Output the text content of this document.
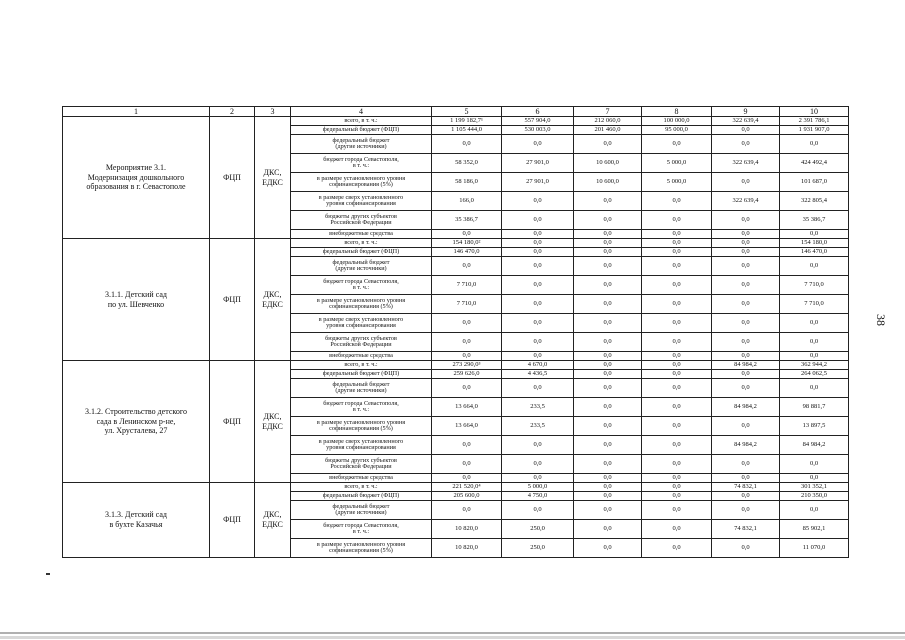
1	2	3	4	5	6	7	8	9	10
Мероприятие 3.1.
Модернизация дошкольного
образования в г. Севастополе	ФЦП	ДКС,
ЕДКС	всего, в т. ч.:	1 199 182,7¹	557 904,0	212 060,0	100 000,0	322 639,4	2 391 786,1
			федеральный бюджет (ФЦП)	1 105 444,0	530 003,0	201 460,0	95 000,0	0,0	1 931 907,0
			федеральный бюджет
(другие источники)	0,0	0,0	0,0	0,0	0,0	0,0
			бюджет города Севастополя,
в т. ч.:	58 352,0	27 901,0	10 600,0	5 000,0	322 639,4	424 492,4
			в размере установленного уровня
софинансирования (5%)	58 186,0	27 901,0	10 600,0	5 000,0	0,0	101 687,0
			в размере сверх установленного
уровня софинансирования	166,0	0,0	0,0	0,0	322 639,4	322 805,4
			бюджеты других субъектов
Российской Федерации	35 386,7	0,0	0,0	0,0	0,0	35 386,7
			внебюджетные средства	0,0	0,0	0,0	0,0	0,0	0,0
3.1.1. Детский сад
по ул. Шевченко	ФЦП	ДКС,
ЕДКС	всего, в т. ч.:	154 180,0²	0,0	0,0	0,0	0,0	154 180,0
			федеральный бюджет (ФЦП)	146 470,0	0,0	0,0	0,0	0,0	146 470,0
			федеральный бюджет
(другие источники)	0,0	0,0	0,0	0,0	0,0	0,0
			бюджет города Севастополя,
в т. ч.:	7 710,0	0,0	0,0	0,0	0,0	7 710,0
			в размере установленного уровня
софинансирования (5%)	7 710,0	0,0	0,0	0,0	0,0	7 710,0
			в размере сверх установленного
уровня софинансирования	0,0	0,0	0,0	0,0	0,0	0,0
			бюджеты других субъектов
Российской Федерации	0,0	0,0	0,0	0,0	0,0	0,0
			внебюджетные средства	0,0	0,0	0,0	0,0	0,0	0,0
3.1.2. Строительство детского
сада в Ленинском р-не,
ул. Хрусталева, 27	ФЦП	ДКС,
ЕДКС	всего, в т. ч.:	273 290,0³	4 670,0	0,0	0,0	84 984,2	362 944,2
			федеральный бюджет (ФЦП)	259 626,0	4 436,5	0,0	0,0	0,0	264 062,5
			федеральный бюджет
(другие источники)	0,0	0,0	0,0	0,0	0,0	0,0
			бюджет города Севастополя,
в т. ч.:	13 664,0	233,5	0,0	0,0	84 984,2	98 881,7
			в размере установленного уровня
софинансирования (5%)	13 664,0	233,5	0,0	0,0	0,0	13 897,5
			в размере сверх установленного
уровня софинансирования	0,0	0,0	0,0	0,0	84 984,2	84 984,2
			бюджеты других субъектов
Российской Федерации	0,0	0,0	0,0	0,0	0,0	0,0
			внебюджетные средства	0,0	0,0	0,0	0,0	0,0	0,0
3.1.3. Детский сад
в бухте Казачья	ФЦП	ДКС,
ЕДКС	всего, в т. ч.:	221 520,0⁴	5 000,0	0,0	0,0	74 832,1	301 352,1
			федеральный бюджет (ФЦП)	205 600,0	4 750,0	0,0	0,0	0,0	210 350,0
			федеральный бюджет
(другие источники)	0,0	0,0	0,0	0,0	0,0	0,0
			бюджет города Севастополя,
в т. ч.:	10 820,0	250,0	0,0	0,0	74 832,1	85 902,1
			в размере установленного уровня
софинансирования (5%)	10 820,0	250,0	0,0	0,0	0,0	11 070,0
38
